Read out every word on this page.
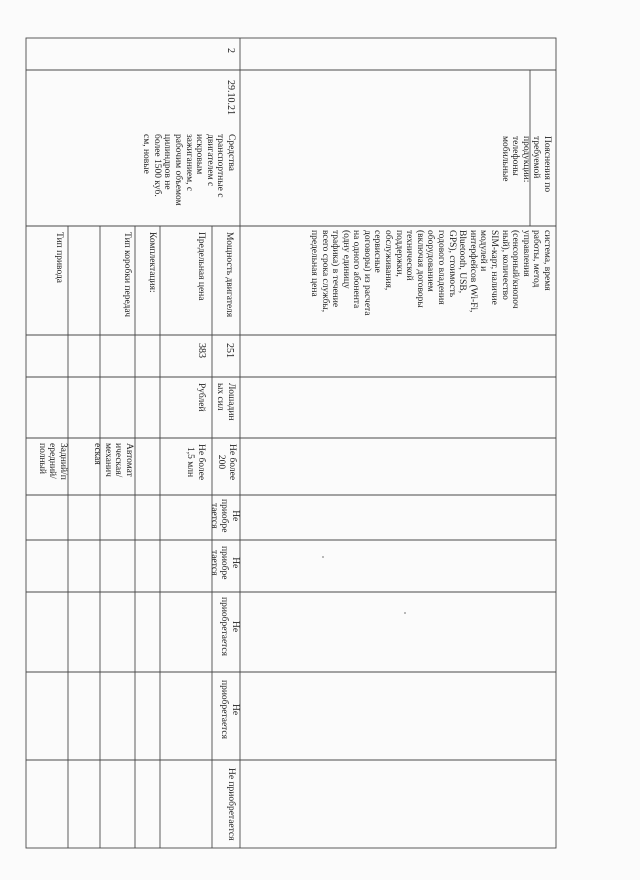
2
29.10.21
Средства
транспортные с
двигателем с
искровым
зажиганием, с
рабочим объемом
цилиндров не
более 1500 куб.
см, новые	Пояснения по
требуемой
продукции:
телефоны
мобильные
система, время
работы, метод
управления
(сенсорный/кнопоч
ный), количество
SIM-карт, наличие
модулей и
интерфейсов (Wi-Fi,
Bluetooth, USB,
GPS), стоимость
годового владения
оборудованием
(включая договоры
технической
поддержки,
обслуживания,
сервисные
договоры) из расчета
на одного абонента
(одну единицу
трафика) в течение
всего срока службы,
предельная цена
Мощность двигателя
Предельная цена
Комплектация:
Тип коробки передач
Тип привода
251
383
Лошадин
ых сил
Рублей
Не более
200
Не более
1,5 млн
Автомат
ическая/
механич
еская
Задний/п
ередний/
полный
Не
приобре
тается
Не
приобре
тается
Не
приобретается
Не
приобретается
Не приобретается
